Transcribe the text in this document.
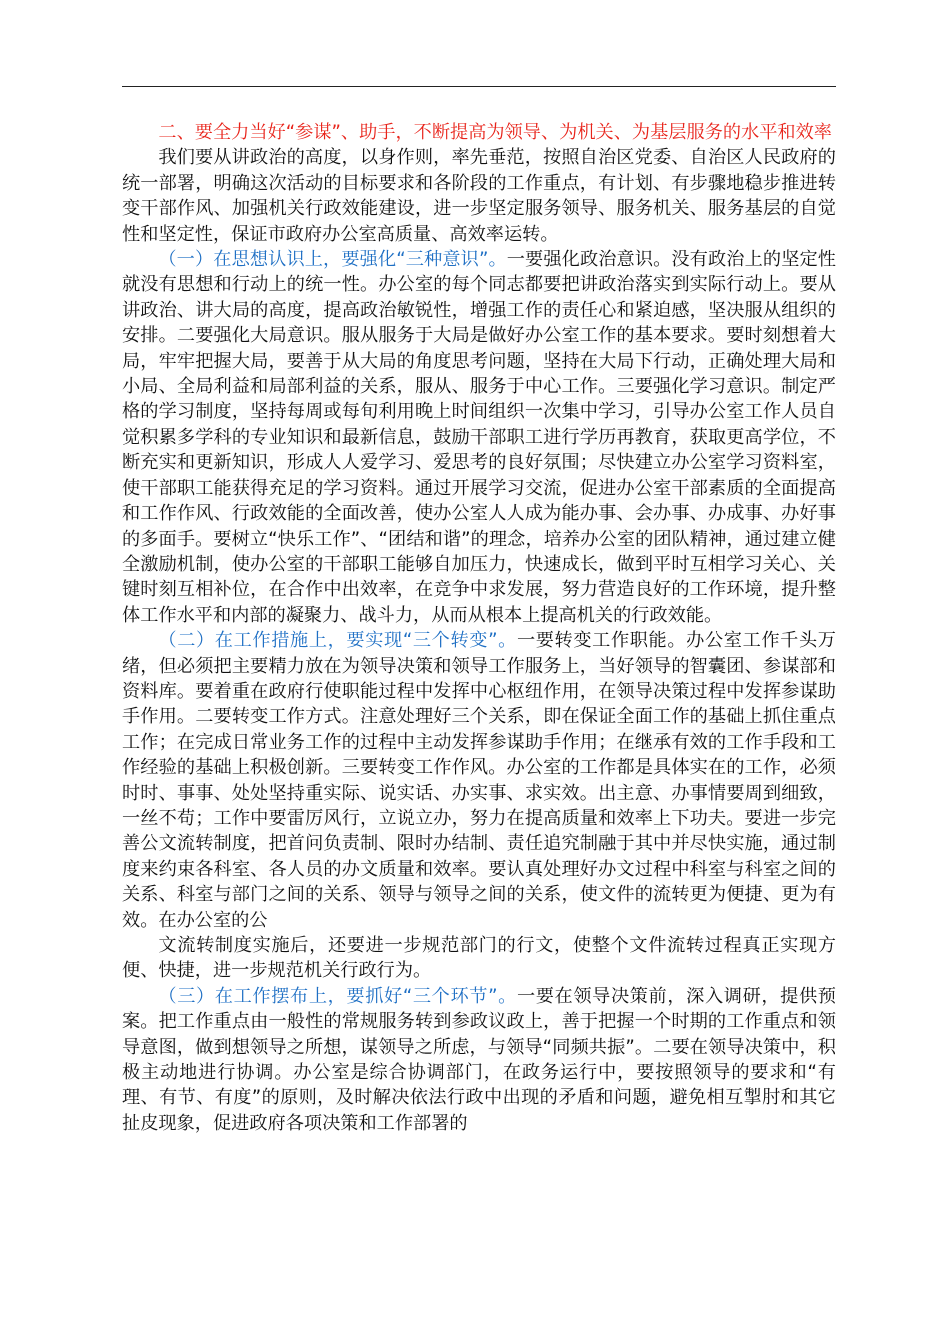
二、要全力当好“参谋”、助手，不断提高为领导、为机关、为基层服务的水平和效率

我们要从讲政治的高度，以身作则，率先垂范，按照自治区党委、自治区人民政府的统一部署，明确这次活动的目标要求和各阶段的工作重点，有计划、有步骤地稳步推进转变干部作风、加强机关行政效能建设，进一步坚定服务领导、服务机关、服务基层的自觉性和坚定性，保证市政府办公室高质量、高效率运转。

（一）在思想认识上，要强化“三种意识”。一要强化政治意识。没有政治上的坚定性就没有思想和行动上的统一性。办公室的每个同志都要把讲政治落实到实际行动上。要从讲政治、讲大局的高度，提高政治敏锐性，增强工作的责任心和紧迫感，坚决服从组织的安排。二要强化大局意识。服从服务于大局是做好办公室工作的基本要求。要时刻想着大局，牢牢把握大局，要善于从大局的角度思考问题，坚持在大局下行动，正确处理大局和小局、全局利益和局部利益的关系，服从、服务于中心工作。三要强化学习意识。制定严格的学习制度，坚持每周或每旬利用晚上时间组织一次集中学习，引导办公室工作人员自觉积累多学科的专业知识和最新信息，鼓励干部职工进行学历再教育，获取更高学位，不断充实和更新知识，形成人人爱学习、爱思考的良好氛围；尽快建立办公室学习资料室，使干部职工能获得充足的学习资料。通过开展学习交流，促进办公室干部素质的全面提高和工作作风、行政效能的全面改善，使办公室人人成为能办事、会办事、办成事、办好事的多面手。要树立“快乐工作”、“团结和谐”的理念，培养办公室的团队精神，通过建立健全激励机制，使办公室的干部职工能够自加压力，快速成长，做到平时互相学习关心、关键时刻互相补位，在合作中出效率，在竞争中求发展，努力营造良好的工作环境，提升整体工作水平和内部的凝聚力、战斗力，从而从根本上提高机关的行政效能。

（二）在工作措施上，要实现“三个转变”。一要转变工作职能。办公室工作千头万绪，但必须把主要精力放在为领导决策和领导工作服务上，当好领导的智囊团、参谋部和资料库。要着重在政府行使职能过程中发挥中心枢纽作用，在领导决策过程中发挥参谋助手作用。二要转变工作方式。注意处理好三个关系，即在保证全面工作的基础上抓住重点工作；在完成日常业务工作的过程中主动发挥参谋助手作用；在继承有效的工作手段和工作经验的基础上积极创新。三要转变工作作风。办公室的工作都是具体实在的工作，必须时时、事事、处处坚持重实际、说实话、办实事、求实效。出主意、办事情要周到细致，一丝不苟；工作中要雷厉风行，立说立办，努力在提高质量和效率上下功夫。要进一步完善公文流转制度，把首问负责制、限时办结制、责任追究制融于其中并尽快实施，通过制度来约束各科室、各人员的办文质量和效率。要认真处理好办文过程中科室与科室之间的关系、科室与部门之间的关系、领导与领导之间的关系，使文件的流转更为便捷、更为有效。在办公室的公

文流转制度实施后，还要进一步规范部门的行文，使整个文件流转过程真正实现方便、快捷，进一步规范机关行政行为。

（三）在工作摆布上，要抓好“三个环节”。一要在领导决策前，深入调研，提供预案。把工作重点由一般性的常规服务转到参政议政上，善于把握一个时期的工作重点和领导意图，做到想领导之所想，谋领导之所虑，与领导“同频共振”。二要在领导决策中，积极主动地进行协调。办公室是综合协调部门，在政务运行中，要按照领导的要求和“有理、有节、有度”的原则，及时解决依法行政中出现的矛盾和问题，避免相互掣肘和其它扯皮现象，促进政府各项决策和工作部署的
